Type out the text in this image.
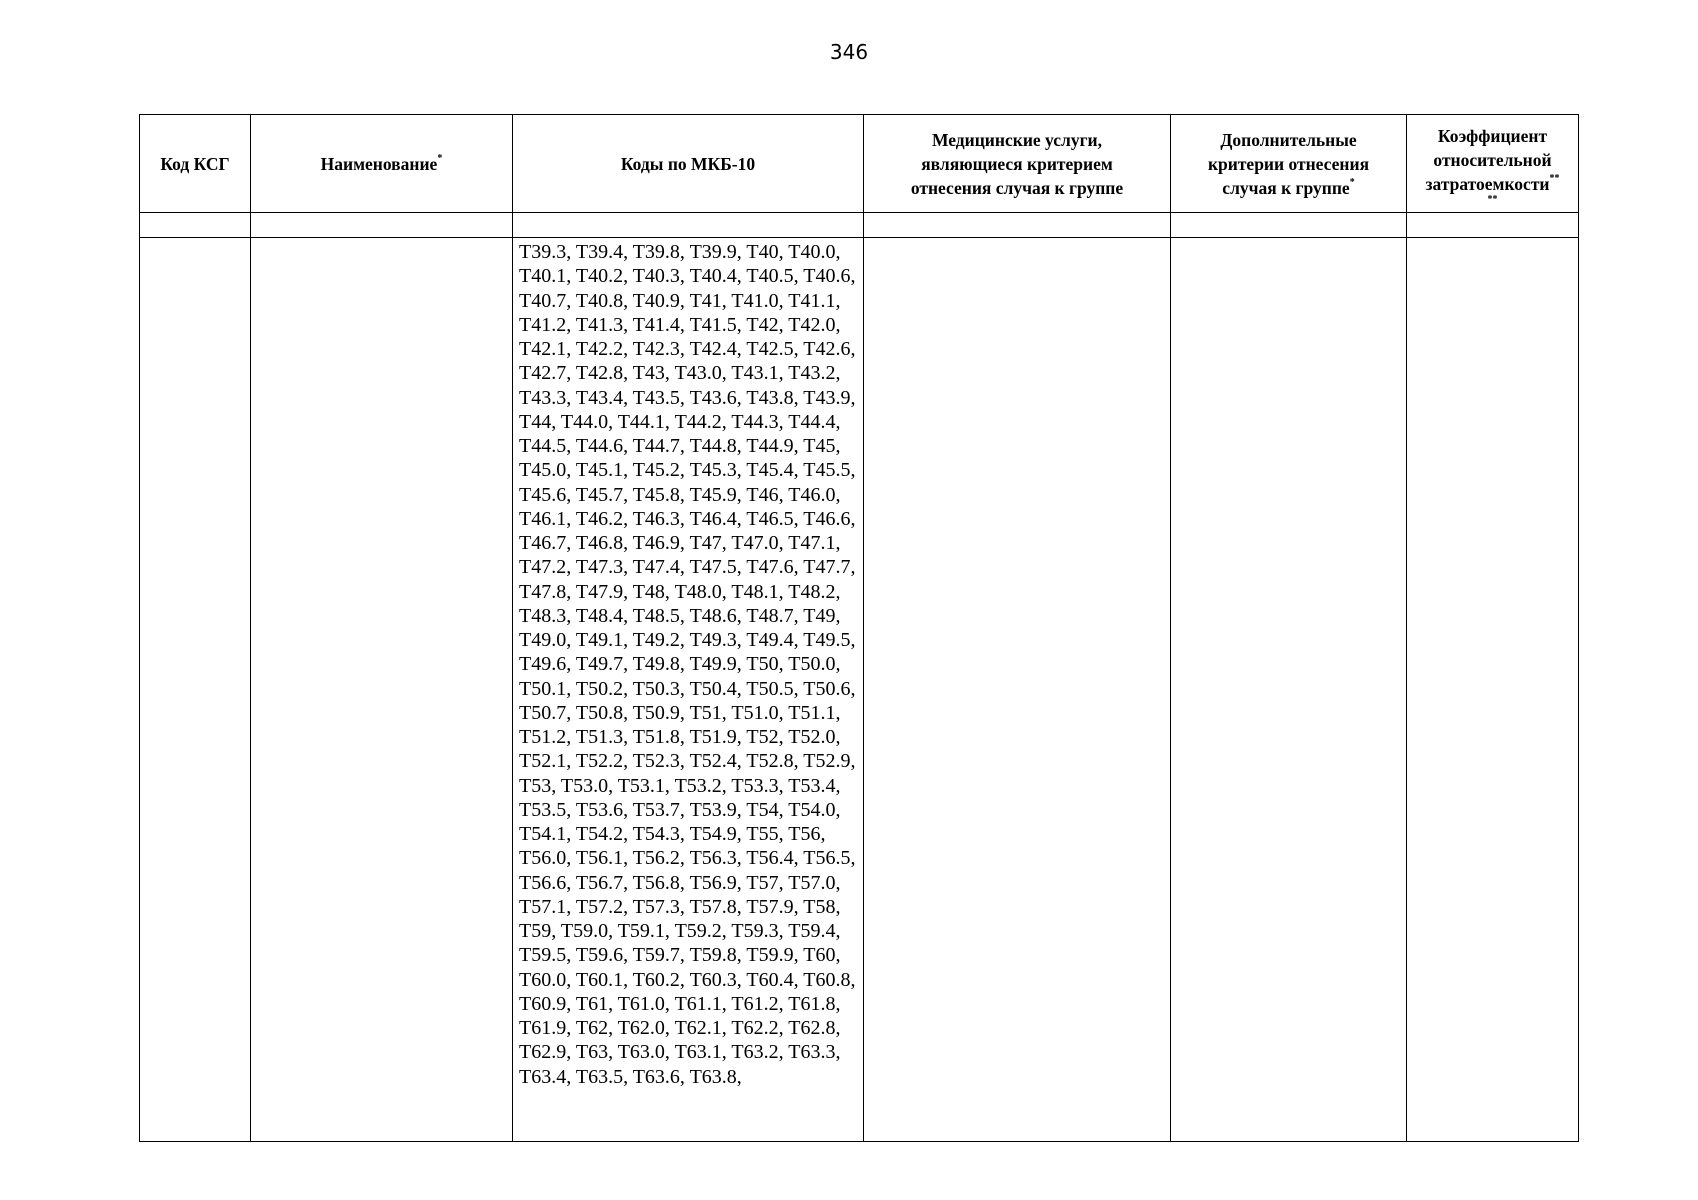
346
Код КСГ	Наименование*	Коды по МКБ-10	Медицинские услуги, являющиеся критерием отнесения случая к группе	Дополнительные критерии отнесения случая к группе*	Коэффициент относительной затратоемкости**
**

		T39.3, T39.4, T39.8, T39.9, T40, T40.0, T40.1, T40.2, T40.3, T40.4, T40.5, T40.6, T40.7, T40.8, T40.9, T41, T41.0, T41.1, T41.2, T41.3, T41.4, T41.5, T42, T42.0, T42.1, T42.2, T42.3, T42.4, T42.5, T42.6, T42.7, T42.8, T43, T43.0, T43.1, T43.2, T43.3, T43.4, T43.5, T43.6, T43.8, T43.9, T44, T44.0, T44.1, T44.2, T44.3, T44.4, T44.5, T44.6, T44.7, T44.8, T44.9, T45, T45.0, T45.1, T45.2, T45.3, T45.4, T45.5, T45.6, T45.7, T45.8, T45.9, T46, T46.0, T46.1, T46.2, T46.3, T46.4, T46.5, T46.6, T46.7, T46.8, T46.9, T47, T47.0, T47.1, T47.2, T47.3, T47.4, T47.5, T47.6, T47.7, T47.8, T47.9, T48, T48.0, T48.1, T48.2, T48.3, T48.4, T48.5, T48.6, T48.7, T49, T49.0, T49.1, T49.2, T49.3, T49.4, T49.5, T49.6, T49.7, T49.8, T49.9, T50, T50.0, T50.1, T50.2, T50.3, T50.4, T50.5, T50.6, T50.7, T50.8, T50.9, T51, T51.0, T51.1, T51.2, T51.3, T51.8, T51.9, T52, T52.0, T52.1, T52.2, T52.3, T52.4, T52.8, T52.9, T53, T53.0, T53.1, T53.2, T53.3, T53.4, T53.5, T53.6, T53.7, T53.9, T54, T54.0, T54.1, T54.2, T54.3, T54.9, T55, T56, T56.0, T56.1, T56.2, T56.3, T56.4, T56.5, T56.6, T56.7, T56.8, T56.9, T57, T57.0, T57.1, T57.2, T57.3, T57.8, T57.9, T58, T59, T59.0, T59.1, T59.2, T59.3, T59.4, T59.5, T59.6, T59.7, T59.8, T59.9, T60, T60.0, T60.1, T60.2, T60.3, T60.4, T60.8, T60.9, T61, T61.0, T61.1, T61.2, T61.8, T61.9, T62, T62.0, T62.1, T62.2, T62.8, T62.9, T63, T63.0, T63.1, T63.2, T63.3, T63.4, T63.5, T63.6, T63.8,			
